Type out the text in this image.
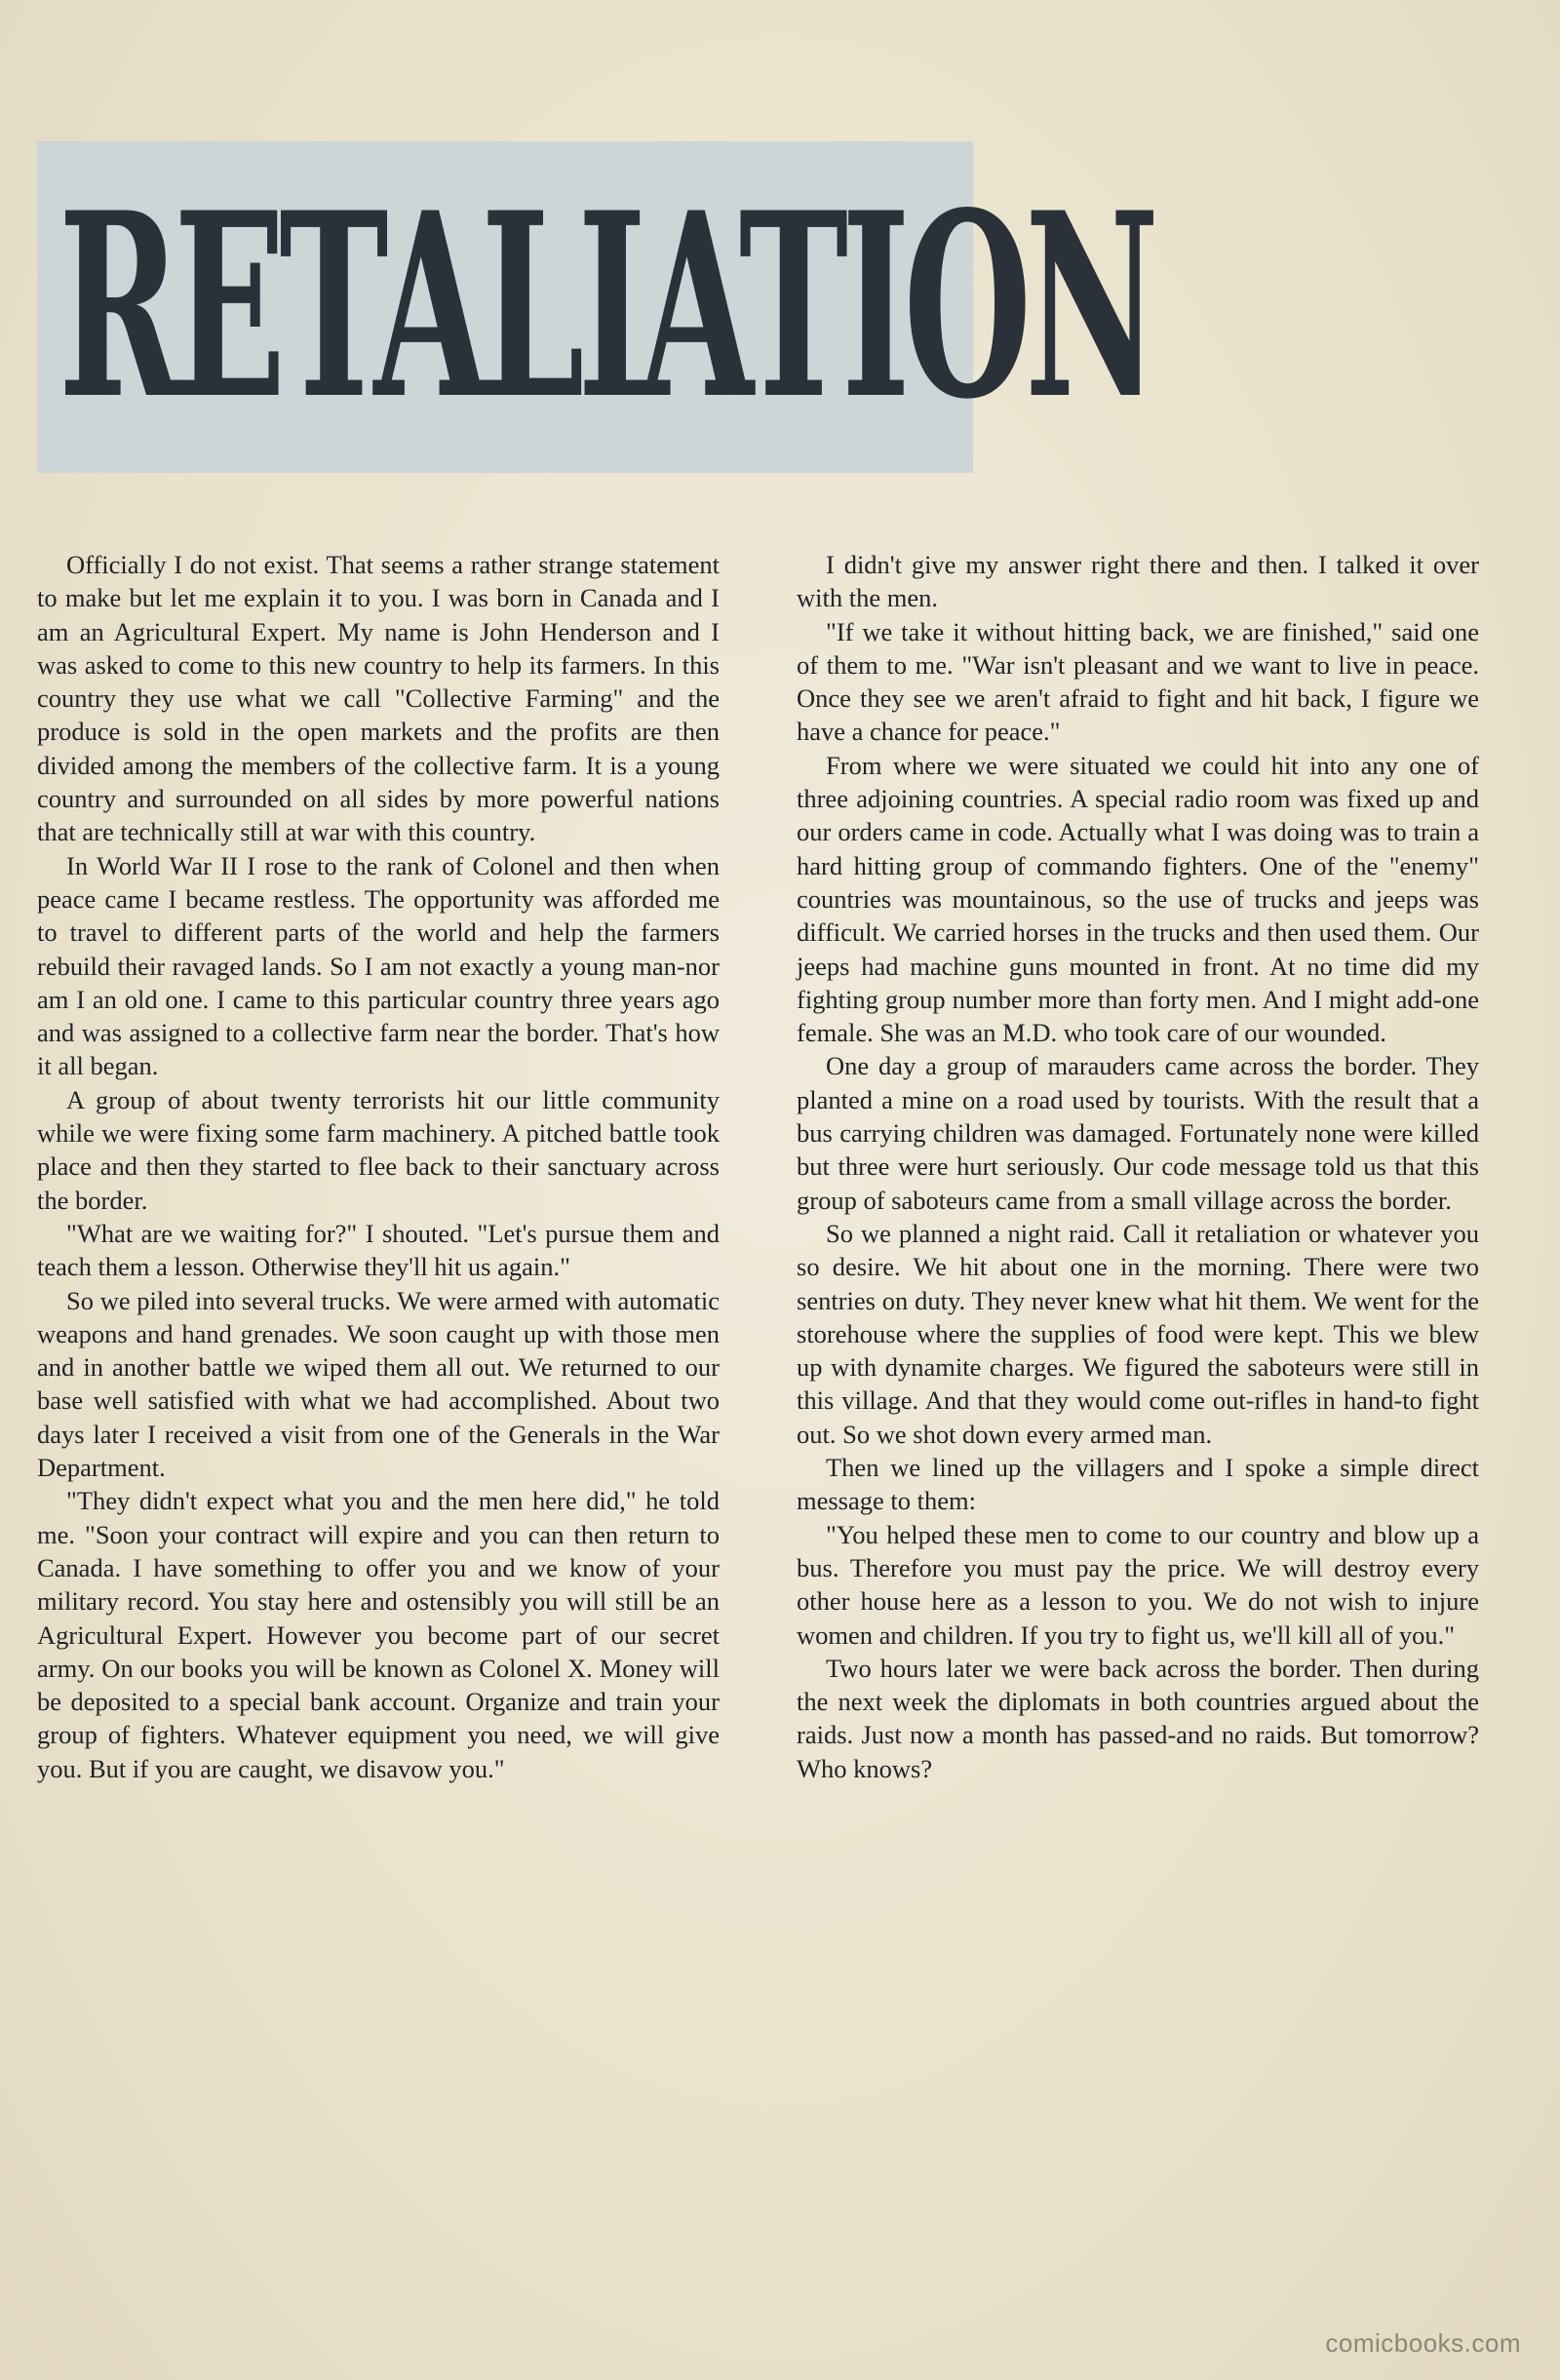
RETALIATION

Officially I do not exist. That seems a rather strange statement to make but let me explain it to you. I was born in Canada and I am an Agricultural Expert. My name is John Henderson and I was asked to come to this new country to help its farmers. In this country they use what we call "Collective Farming" and the produce is sold in the open markets and the profits are then divided among the members of the collective farm. It is a young country and surrounded on all sides by more powerful nations that are technically still at war with this country.

In World War II I rose to the rank of Colonel and then when peace came I became restless. The opportunity was afforded me to travel to different parts of the world and help the farmers rebuild their ravaged lands. So I am not exactly a young man-nor am I an old one. I came to this particular country three years ago and was assigned to a collective farm near the border. That's how it all began.

A group of about twenty terrorists hit our little community while we were fixing some farm machinery. A pitched battle took place and then they started to flee back to their sanctuary across the border.

"What are we waiting for?" I shouted. "Let's pursue them and teach them a lesson. Otherwise they'll hit us again."

So we piled into several trucks. We were armed with automatic weapons and hand grenades. We soon caught up with those men and in another battle we wiped them all out. We returned to our base well satisfied with what we had accomplished. About two days later I received a visit from one of the Generals in the War Department.

"They didn't expect what you and the men here did," he told me. "Soon your contract will expire and you can then return to Canada. I have something to offer you and we know of your military record. You stay here and ostensibly you will still be an Agricultural Expert. However you become part of our secret army. On our books you will be known as Colonel X. Money will be deposited to a special bank account. Organize and train your group of fighters. Whatever equipment you need, we will give you. But if you are caught, we disavow you."

I didn't give my answer right there and then. I talked it over with the men.

"If we take it without hitting back, we are finished," said one of them to me. "War isn't pleasant and we want to live in peace. Once they see we aren't afraid to fight and hit back, I figure we have a chance for peace."

From where we were situated we could hit into any one of three adjoining countries. A special radio room was fixed up and our orders came in code. Actually what I was doing was to train a hard hitting group of commando fighters. One of the "enemy" countries was mountainous, so the use of trucks and jeeps was difficult. We carried horses in the trucks and then used them. Our jeeps had machine guns mounted in front. At no time did my fighting group number more than forty men. And I might add-one female. She was an M.D. who took care of our wounded.

One day a group of marauders came across the border. They planted a mine on a road used by tourists. With the result that a bus carrying children was damaged. Fortunately none were killed but three were hurt seriously. Our code message told us that this group of saboteurs came from a small village across the border.

So we planned a night raid. Call it retaliation or whatever you so desire. We hit about one in the morning. There were two sentries on duty. They never knew what hit them. We went for the storehouse where the supplies of food were kept. This we blew up with dynamite charges. We figured the saboteurs were still in this village. And that they would come out-rifles in hand-to fight out. So we shot down every armed man.

Then we lined up the villagers and I spoke a simple direct message to them:

"You helped these men to come to our country and blow up a bus. Therefore you must pay the price. We will destroy every other house here as a lesson to you. We do not wish to injure women and children. If you try to fight us, we'll kill all of you."

Two hours later we were back across the border. Then during the next week the diplomats in both countries argued about the raids. Just now a month has passed-and no raids. But tomorrow? Who knows?

comicbooks.com
